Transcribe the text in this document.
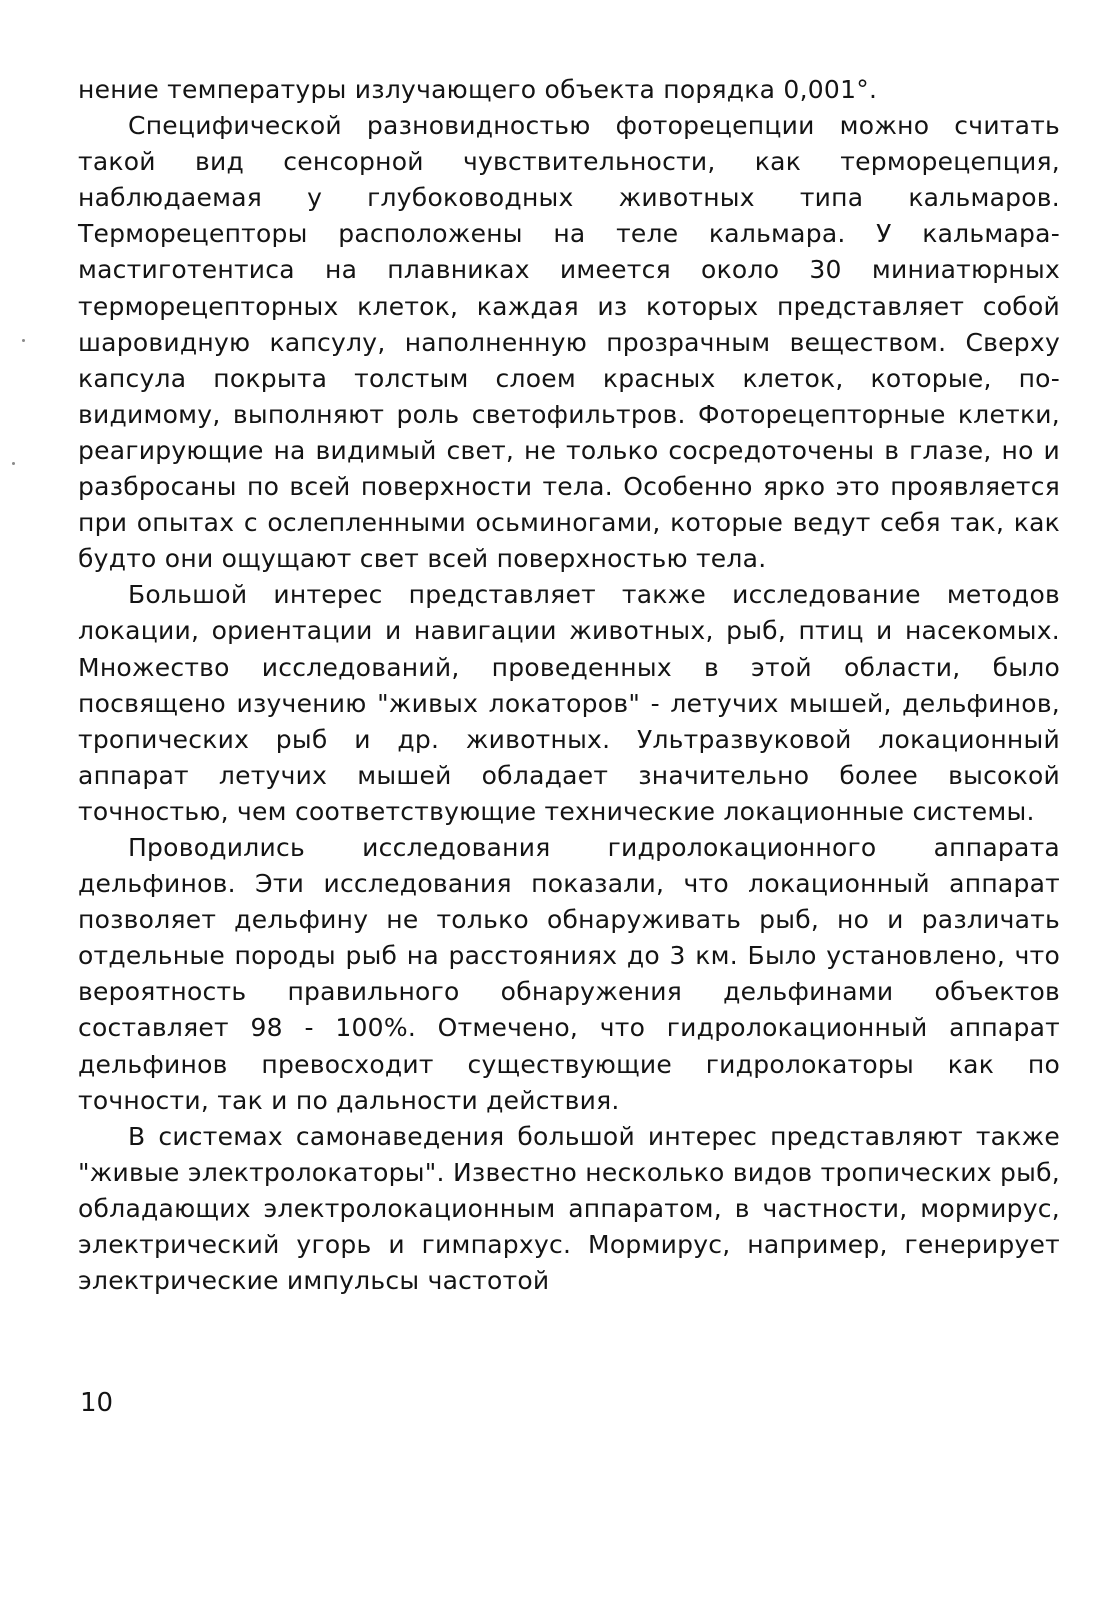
нение температуры излучающего объекта порядка 0,001°.

Специфической разновидностью фоторецепции можно считать такой вид сенсорной чувствительности, как терморецепция, наблюдаемая у глубоководных животных типа кальмаров. Терморецепторы расположены на теле кальмара. У кальмара-мастиготентиса на плавниках имеется около 30 миниатюрных терморецепторных клеток, каждая из которых представляет собой шаровидную капсулу, наполненную прозрачным веществом. Сверху капсула покрыта толстым слоем красных клеток, которые, по-видимому, выполняют роль светофильтров. Фоторецепторные клетки, реагирующие на видимый свет, не только сосредоточены в глазе, но и разбросаны по всей поверхности тела. Особенно ярко это проявляется при опытах с ослепленными осьминогами, которые ведут себя так, как будто они ощущают свет всей поверхностью тела.

Большой интерес представляет также исследование методов локации, ориентации и навигации животных, рыб, птиц и насекомых. Множество исследований, проведенных в этой области, было посвящено изучению "живых локаторов" - летучих мышей, дельфинов, тропических рыб и др. животных. Ультразвуковой локационный аппарат летучих мышей обладает значительно более высокой точностью, чем соответствующие технические локационные системы.

Проводились исследования гидролокационного аппарата дельфинов. Эти исследования показали, что локационный аппарат позволяет дельфину не только обнаруживать рыб, но и различать отдельные породы рыб на расстояниях до 3 км. Было установлено, что вероятность правильного обнаружения дельфинами объектов составляет 98 - 100%. Отмечено, что гидролокационный аппарат дельфинов превосходит существующие гидролокаторы как по точности, так и по дальности действия.

В системах самонаведения большой интерес представляют также "живые электролокаторы". Известно несколько видов тропических рыб, обладающих электролокационным аппаратом, в частности, мормирус, электрический угорь и гимпархус. Мормирус, например, генерирует электрические импульсы частотой

10
